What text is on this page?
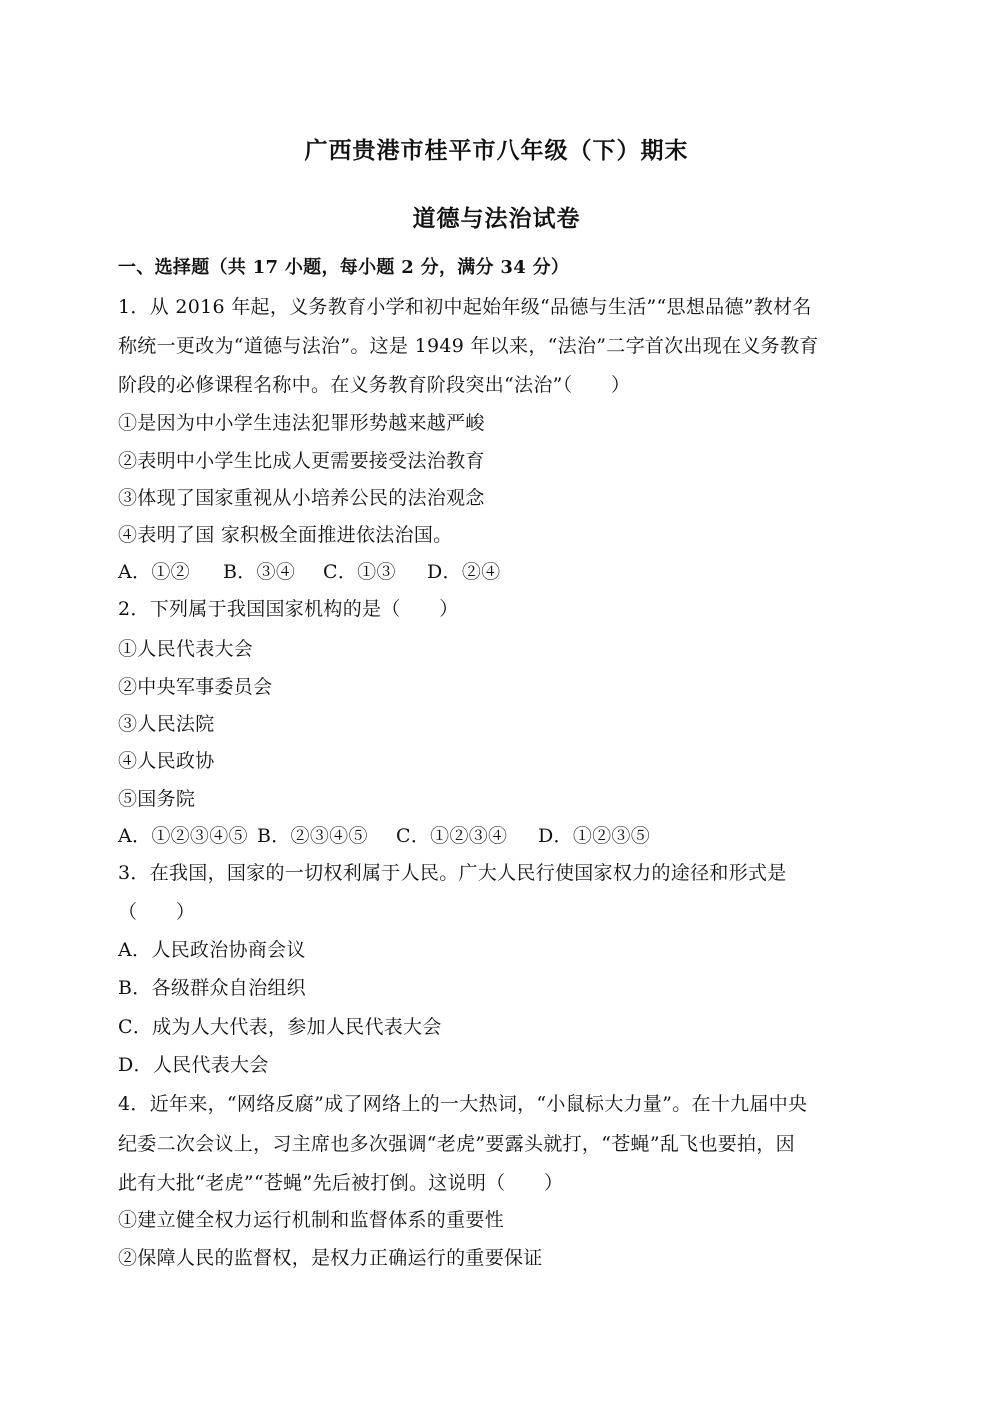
广西贵港市桂平市八年级（下）期末
道德与法治试卷
一、选择题（共 17 小题，每小题 2 分，满分 34 分）
1．从 2016 年起，义务教育小学和初中起始年级“品德与生活”“思想品德”教材名
称统一更改为“道德与法治”。这是 1949 年以来，“法治”二字首次出现在义务教育
阶段的必修课程名称中。在义务教育阶段突出“法治”（　　）
①是因为中小学生违法犯罪形势越来越严峻
②表明中小学生比成人更需要接受法治教育
③体现了国家重视从小培养公民的法治观念
④表明了国 家积极全面推进依法治国。
A．①② B．③④ C．①③ D．②④
2．下列属于我国国家机构的是（　　）
①人民代表大会
②中央军事委员会
③人民法院
④人民政协
⑤国务院
A．①②③④⑤ B．②③④⑤ C．①②③④ D．①②③⑤
3．在我国，国家的一切权利属于人民。广大人民行使国家权力的途径和形式是
（　　）
A．人民政治协商会议
B．各级群众自治组织
C．成为人大代表，参加人民代表大会
D．人民代表大会
4．近年来，“网络反腐”成了网络上的一大热词，“小鼠标大力量”。在十九届中央
纪委二次会议上，习主席也多次强调“老虎”要露头就打，“苍蝇”乱飞也要拍，因
此有大批“老虎”“苍蝇”先后被打倒。这说明（　　）
①建立健全权力运行机制和监督体系的重要性
②保障人民的监督权，是权力正确运行的重要保证
